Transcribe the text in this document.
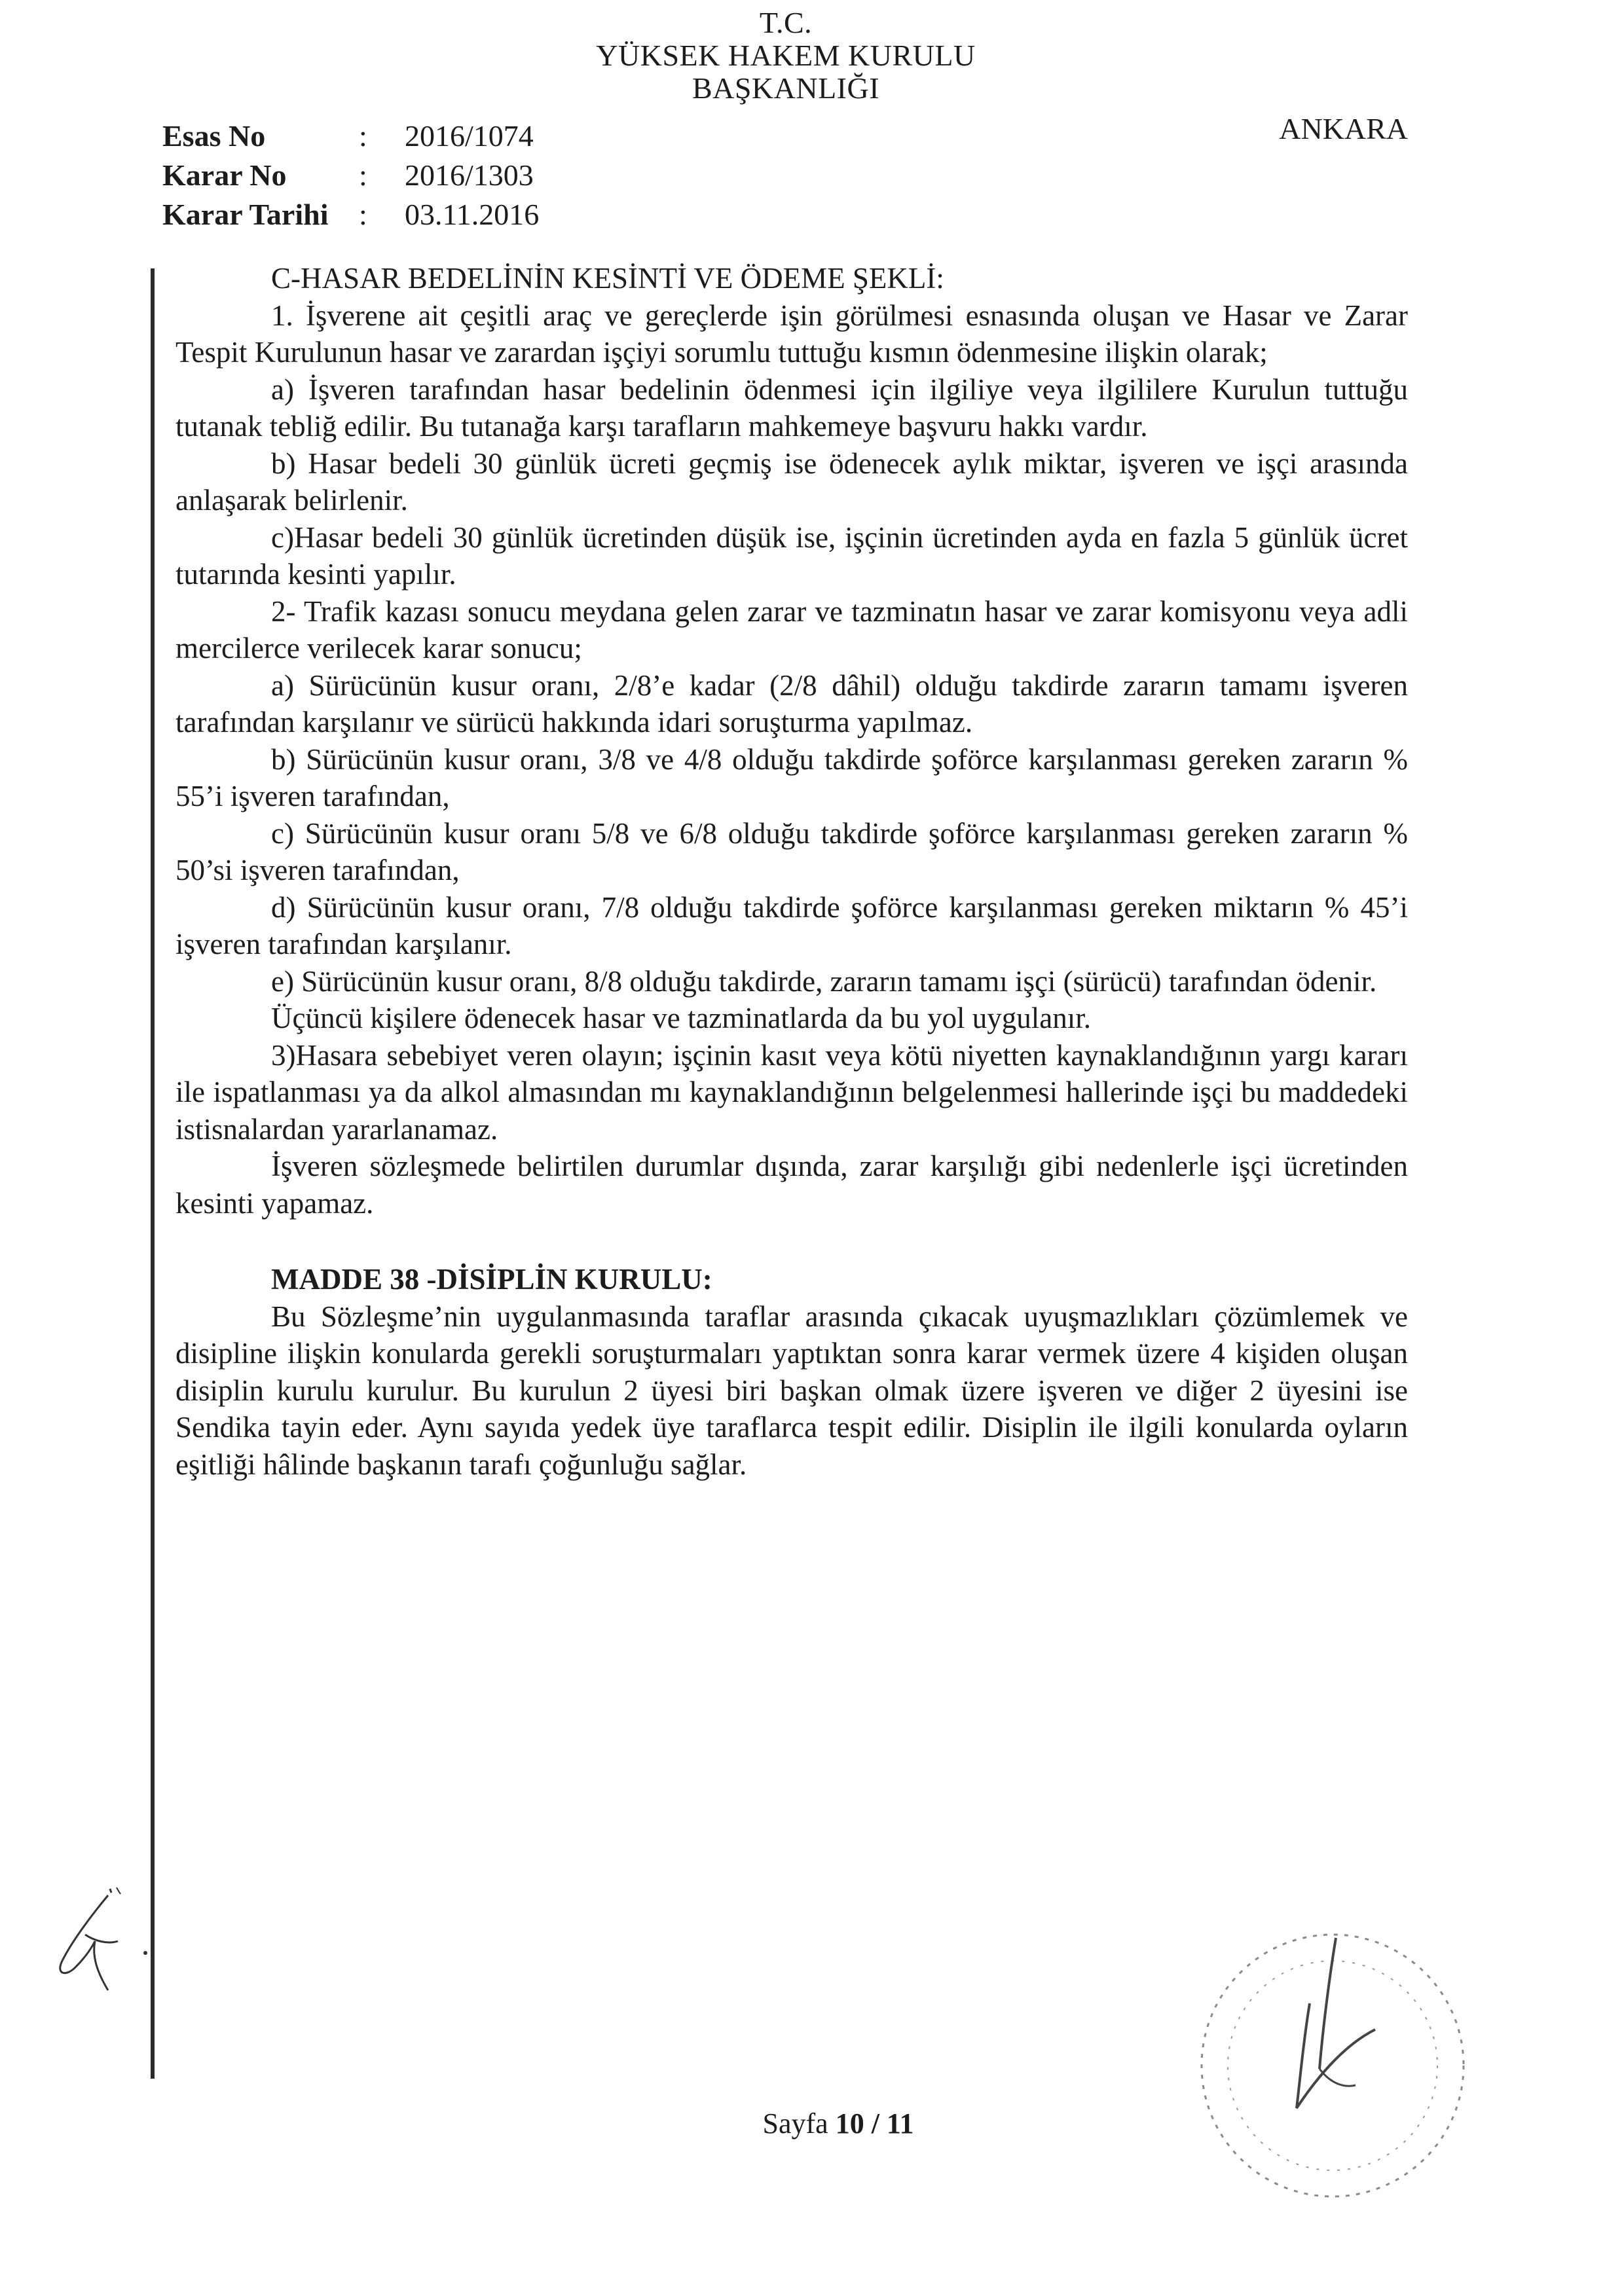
T.C.
YÜKSEK HAKEM KURULU
BAŞKANLIĞI
ANKARA
Esas No	:	2016/1074
Karar No	:	2016/1303
Karar Tarihi	:	03.11.2016

C-HASAR BEDELİNİN KESİNTİ VE ÖDEME ŞEKLİ:

1. İşverene ait çeşitli araç ve gereçlerde işin görülmesi esnasında oluşan ve Hasar ve Zarar Tespit Kurulunun hasar ve zarardan işçiyi sorumlu tuttuğu kısmın ödenmesine ilişkin olarak;

a) İşveren tarafından hasar bedelinin ödenmesi için ilgiliye veya ilgililere Kurulun tuttuğu tutanak tebliğ edilir. Bu tutanağa karşı tarafların mahkemeye başvuru hakkı vardır.

b) Hasar bedeli 30 günlük ücreti geçmiş ise ödenecek aylık miktar, işveren ve işçi arasında anlaşarak belirlenir.

c)Hasar bedeli 30 günlük ücretinden düşük ise, işçinin ücretinden ayda en fazla 5 günlük ücret tutarında kesinti yapılır.

2- Trafik kazası sonucu meydana gelen zarar ve tazminatın hasar ve zarar komisyonu veya adli mercilerce verilecek karar sonucu;

a) Sürücünün kusur oranı, 2/8’e kadar (2/8 dâhil) olduğu takdirde zararın tamamı işveren tarafından karşılanır ve sürücü hakkında idari soruşturma yapılmaz.

b) Sürücünün kusur oranı, 3/8 ve 4/8 olduğu takdirde şoförce karşılanması gereken zararın % 55’i işveren tarafından,

c) Sürücünün kusur oranı 5/8 ve 6/8 olduğu takdirde şoförce karşılanması gereken zararın % 50’si işveren tarafından,

d) Sürücünün kusur oranı, 7/8 olduğu takdirde şoförce karşılanması gereken miktarın % 45’i işveren tarafından karşılanır.

e) Sürücünün kusur oranı, 8/8 olduğu takdirde, zararın tamamı işçi (sürücü) tarafından ödenir.

Üçüncü kişilere ödenecek hasar ve tazminatlarda da bu yol uygulanır.

3)Hasara sebebiyet veren olayın; işçinin kasıt veya kötü niyetten kaynaklandığının yargı kararı ile ispatlanması ya da alkol almasından mı kaynaklandığının belgelenmesi hallerinde işçi bu maddedeki istisnalardan yararlanamaz.

İşveren sözleşmede belirtilen durumlar dışında, zarar karşılığı gibi nedenlerle işçi ücretinden kesinti yapamaz.

MADDE 38 -DİSİPLİN KURULU:

Bu Sözleşme’nin uygulanmasında taraflar arasında çıkacak uyuşmazlıkları çözümlemek ve disipline ilişkin konularda gerekli soruşturmaları yaptıktan sonra karar vermek üzere 4 kişiden oluşan disiplin kurulu kurulur. Bu kurulun 2 üyesi biri başkan olmak üzere işveren ve diğer 2 üyesini ise Sendika tayin eder. Aynı sayıda yedek üye taraflarca tespit edilir. Disiplin ile ilgili konularda oyların eşitliği hâlinde başkanın tarafı çoğunluğu sağlar.

Sayfa 10 / 11
